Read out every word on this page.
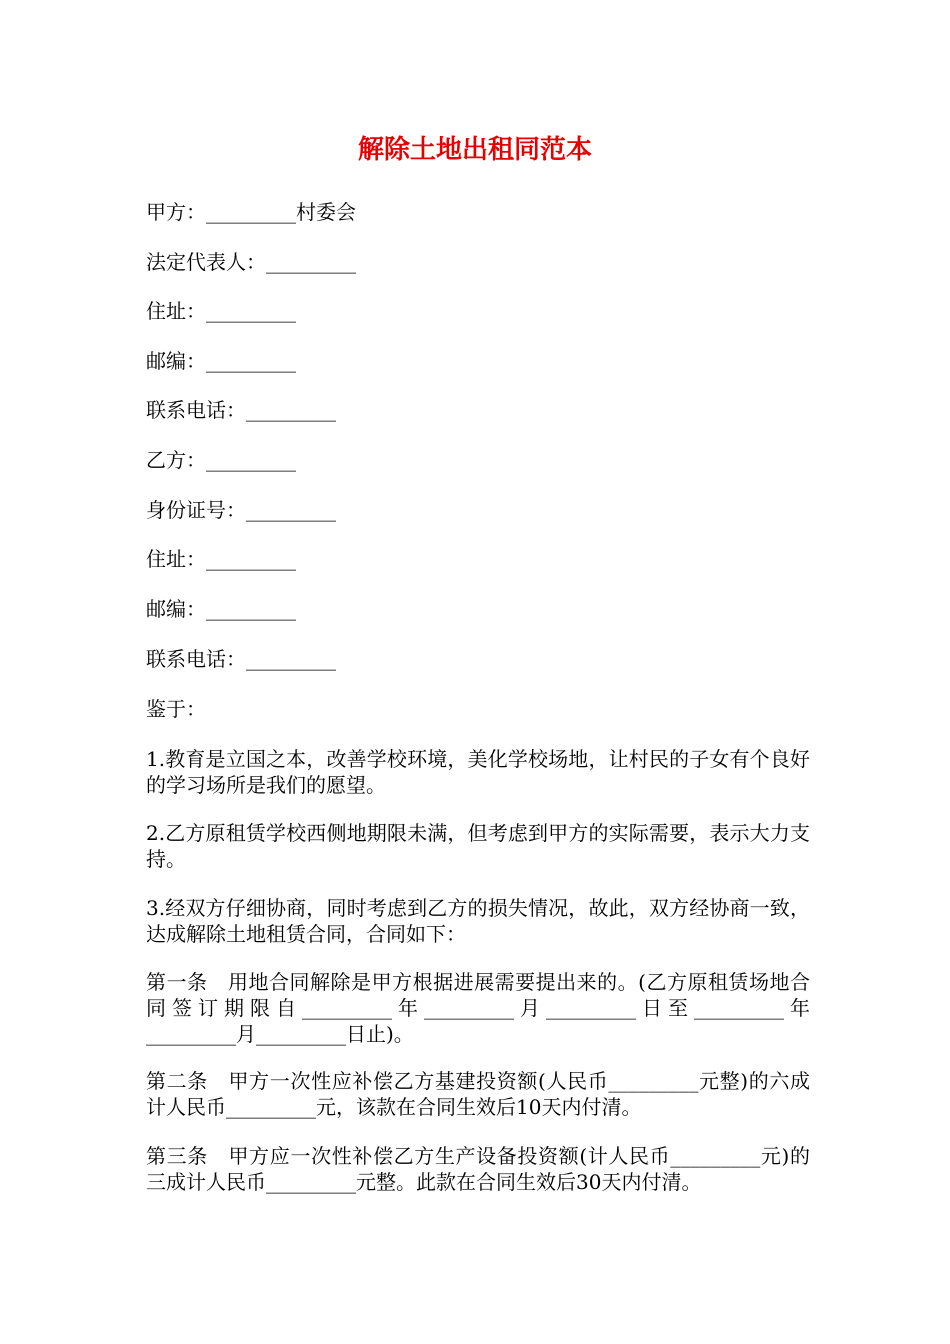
解除土地出租同范本
甲方：_________村委会
法定代表人：_________
住址：_________
邮编：_________
联系电话：_________
乙方：_________
身份证号：_________
住址：_________
邮编：_________
联系电话：_________
鉴于：

1.教育是立国之本，改善学校环境，美化学校场地，让村民的子女有个良好的学习场所是我们的愿望。

2.乙方原租赁学校西侧地期限未满，但考虑到甲方的实际需要，表示大力支持。

3.经双方仔细协商，同时考虑到乙方的损失情况，故此，双方经协商一致，达成解除土地租赁合同，合同如下：

第一条　用地合同解除是甲方根据进展需要提出来的。(乙方原租赁场地合同签订期限自_________年_________月_________日至_________年_________月_________日止)。

第二条　甲方一次性应补偿乙方基建投资额(人民币_________元整)的六成计人民币_________元，该款在合同生效后10天内付清。

第三条　甲方应一次性补偿乙方生产设备投资额(计人民币_________元)的三成计人民币_________元整。此款在合同生效后30天内付清。
